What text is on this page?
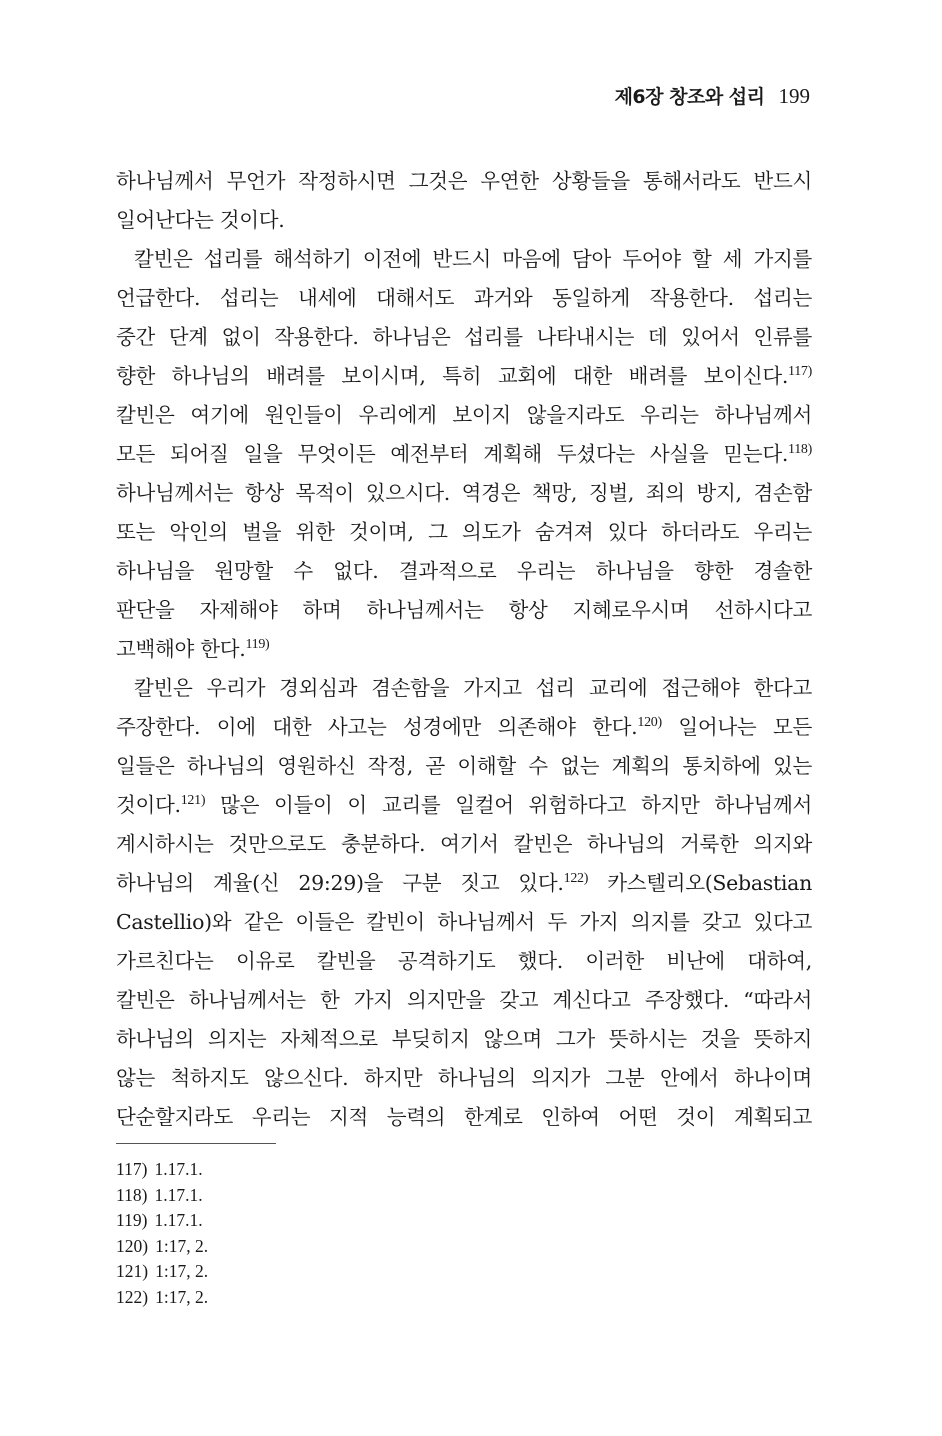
제6장 창조와 섭리 199
하나님께서 무언가 작정하시면 그것은 우연한 상황들을 통해서라도 반드시
일어난다는 것이다.
칼빈은 섭리를 해석하기 이전에 반드시 마음에 담아 두어야 할 세 가지를
언급한다. 섭리는 내세에 대해서도 과거와 동일하게 작용한다. 섭리는
중간 단계 없이 작용한다. 하나님은 섭리를 나타내시는 데 있어서 인류를
향한 하나님의 배려를 보이시며, 특히 교회에 대한 배려를 보이신다.$^{117)}$
칼빈은 여기에 원인들이 우리에게 보이지 않을지라도 우리는 하나님께서
모든 되어질 일을 무엇이든 예전부터 계획해 두셨다는 사실을 믿는다.$^{118)}$
하나님께서는 항상 목적이 있으시다. 역경은 책망, 징벌, 죄의 방지, 겸손함
또는 악인의 벌을 위한 것이며, 그 의도가 숨겨져 있다 하더라도 우리는
하나님을 원망할 수 없다. 결과적으로 우리는 하나님을 향한 경솔한
판단을 자제해야 하며 하나님께서는 항상 지혜로우시며 선하시다고
고백해야 한다.$^{119)}$
칼빈은 우리가 경외심과 겸손함을 가지고 섭리 교리에 접근해야 한다고
주장한다. 이에 대한 사고는 성경에만 의존해야 한다.$^{120)}$ 일어나는 모든
일들은 하나님의 영원하신 작정, 곧 이해할 수 없는 계획의 통치하에 있는
것이다.$^{121)}$ 많은 이들이 이 교리를 일컬어 위험하다고 하지만 하나님께서
계시하시는 것만으로도 충분하다. 여기서 칼빈은 하나님의 거룩한 의지와
하나님의 계율(신 29:29)을 구분 짓고 있다.$^{122)}$ 카스텔리오(Sebastian
Castellio)와 같은 이들은 칼빈이 하나님께서 두 가지 의지를 갖고 있다고
가르친다는 이유로 칼빈을 공격하기도 했다. 이러한 비난에 대하여,
칼빈은 하나님께서는 한 가지 의지만을 갖고 계신다고 주장했다. “따라서
하나님의 의지는 자체적으로 부딪히지 않으며 그가 뜻하시는 것을 뜻하지
않는 척하지도 않으신다. 하지만 하나님의 의지가 그분 안에서 하나이며
단순할지라도 우리는 지적 능력의 한계로 인하여 어떤 것이 계획되고
117) 1.17.1.
118) 1.17.1.
119) 1.17.1.
120) 1:17, 2.
121) 1:17, 2.
122) 1:17, 2.
